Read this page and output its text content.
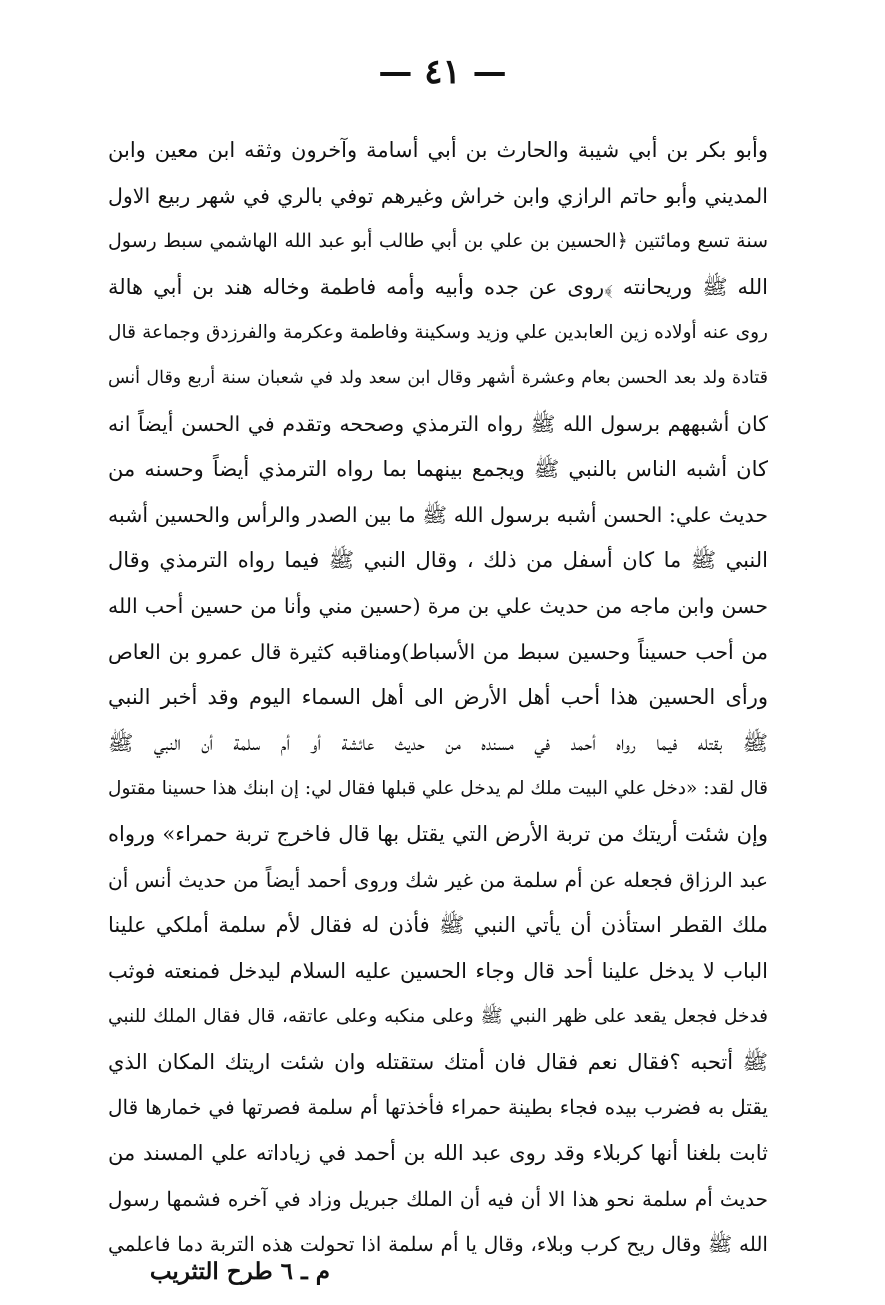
— ٤١ —
وأبو بكر بن أبي شيبة والحارث بن أبي أسامة وآخرون وثقه ابن معين وابن
المديني وأبو حاتم الرازي وابن خراش وغيرهم توفي بالري في شهر ربيع الاول
سنة تسع ومائتين ﴿الحسين بن علي بن أبي طالب أبو عبد الله الهاشمي سبط رسول
الله ﷺ وريحانته ﴾روى عن جده وأبيه وأمه فاطمة وخاله هند بن أبي هالة
روى عنه أولاده زين العابدين علي وزيد وسكينة وفاطمة وعكرمة والفرزدق وجماعة قال
قتادة ولد بعد الحسن بعام وعشرة أشهر وقال ابن سعد ولد في شعبان سنة أربع وقال أنس
كان أشبههم برسول الله ﷺ رواه الترمذي وصححه وتقدم في الحسن أيضاً انه
كان أشبه الناس بالنبي ﷺ ويجمع بينهما بما رواه الترمذي أيضاً وحسنه من
حديث علي: الحسن أشبه برسول الله ﷺ ما بين الصدر والرأس والحسين أشبه
النبي ﷺ ما كان أسفل من ذلك ، وقال النبي ﷺ فيما رواه الترمذي وقال
حسن وابن ماجه من حديث علي بن مرة (حسين مني وأنا من حسين أحب الله
من أحب حسيناً وحسين سبط من الأسباط)ومناقبه كثيرة قال عمرو بن العاص
ورأى الحسين هذا أحب أهل الأرض الى أهل السماء اليوم وقد أخبر النبي
ﷺ بقتله فيما رواه أحمد في مسنده من حديث عائشة أو أم سلمة أن النبي ﷺ
قال لقد: «دخل علي البيت ملك لم يدخل علي قبلها فقال لي: إن ابنك هذا حسينا مقتول
وإن شئت أريتك من تربة الأرض التي يقتل بها قال فاخرج تربة حمراء» ورواه
عبد الرزاق فجعله عن أم سلمة من غير شك وروى أحمد أيضاً من حديث أنس أن
ملك القطر استأذن أن يأتي النبي ﷺ فأذن له فقال لأم سلمة أملكي علينا
الباب لا يدخل علينا أحد قال وجاء الحسين عليه السلام ليدخل فمنعته فوثب
فدخل فجعل يقعد على ظهر النبي ﷺ وعلى منكبه وعلى عاتقه، قال فقال الملك للنبي
ﷺ أتحبه ؟فقال نعم فقال فان أمتك ستقتله وان شئت اريتك المكان الذي
يقتل به فضرب بيده فجاء بطينة حمراء فأخذتها أم سلمة فصرتها في خمارها قال
ثابت بلغنا أنها كربلاء وقد روى عبد الله بن أحمد في زياداته علي المسند من
حديث أم سلمة نحو هذا الا أن فيه أن الملك جبريل وزاد في آخره فشمها رسول
الله ﷺ وقال ريح كرب وبلاء، وقال يا أم سلمة اذا تحولت هذه التربة دما فاعلمي
م ـ ٦ طرح التثريب
